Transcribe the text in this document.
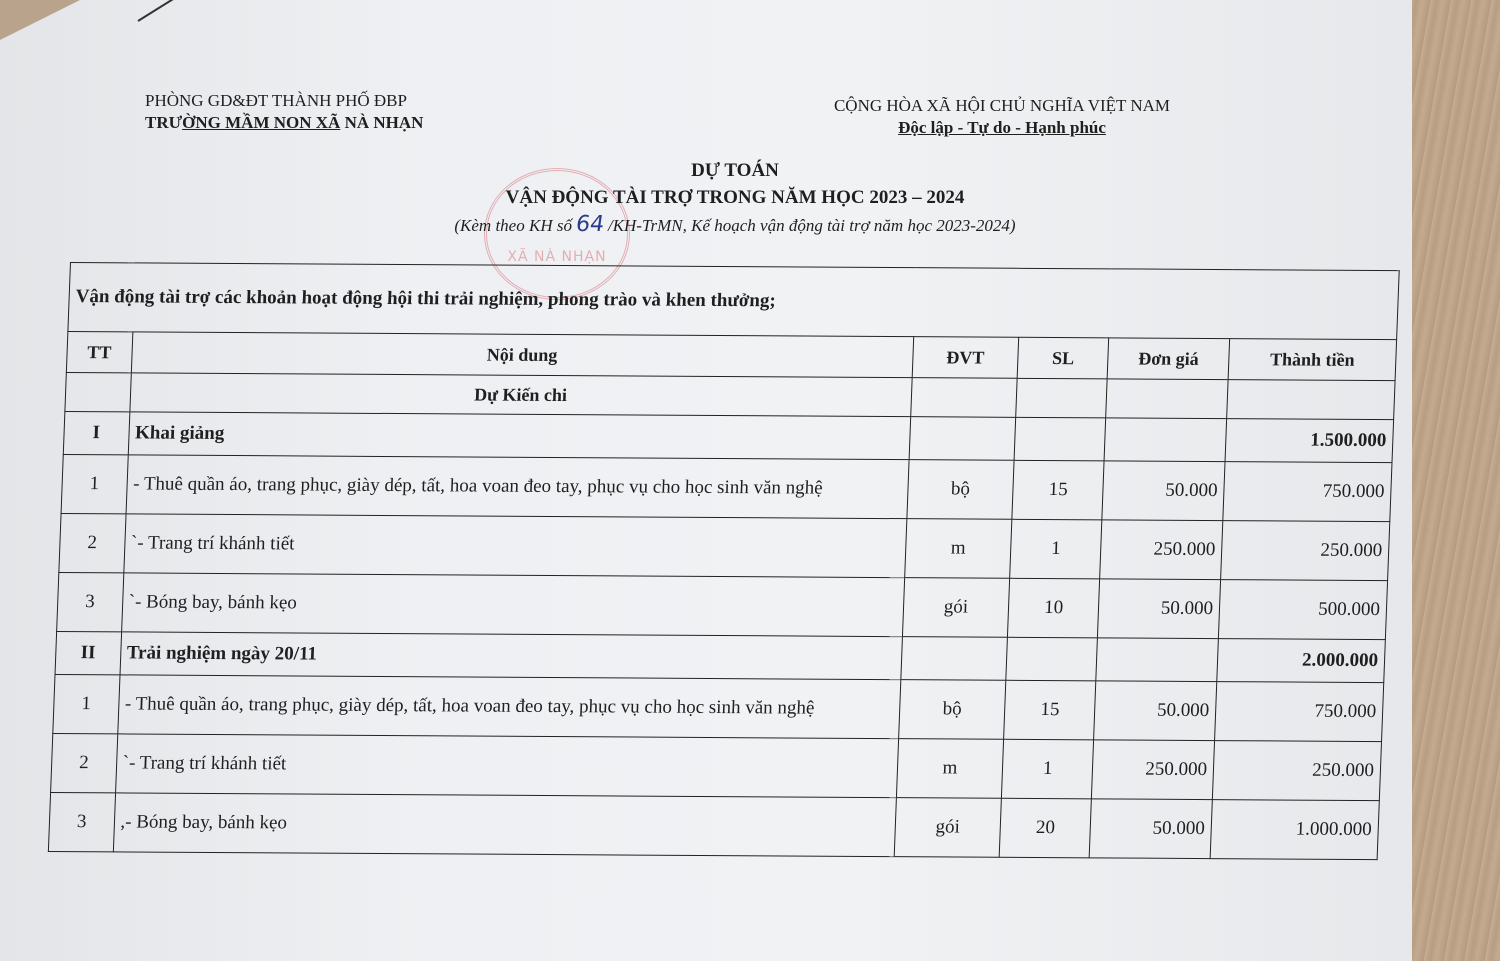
PHÒNG GD&ĐT THÀNH PHỐ ĐBP
TRƯỜNG MẦM NON XÃ NÀ NHẠN
CỘNG HÒA XÃ HỘI CHỦ NGHĨA VIỆT NAM
Độc lập - Tự do - Hạnh phúc
XÃ NÀ NHẠN
DỰ TOÁN
VẬN ĐỘNG TÀI TRỢ TRONG NĂM HỌC 2023 – 2024
(Kèm theo KH số 64 /KH-TrMN, Kế hoạch vận động tài trợ năm học 2023-2024)
Vận động tài trợ các khoản hoạt động hội thi trải nghiệm, phong trào và khen thưởng;					
TT	Nội dung	ĐVT	SL	Đơn giá	Thành tiền
	Dự Kiến chi				
I	Khai giảng				1.500.000
1	- Thuê quần áo, trang phục, giày dép, tất, hoa voan đeo tay, phục vụ cho học sinh văn nghệ	bộ	15	50.000	750.000
2	`- Trang trí khánh tiết	m	1	250.000	250.000
3	`- Bóng bay, bánh kẹo	gói	10	50.000	500.000
II	Trải nghiệm ngày 20/11				2.000.000
1	- Thuê quần áo, trang phục, giày dép, tất, hoa voan đeo tay, phục vụ cho học sinh văn nghệ	bộ	15	50.000	750.000
2	`- Trang trí khánh tiết	m	1	250.000	250.000
3	,- Bóng bay, bánh kẹo	gói	20	50.000	1.000.000
